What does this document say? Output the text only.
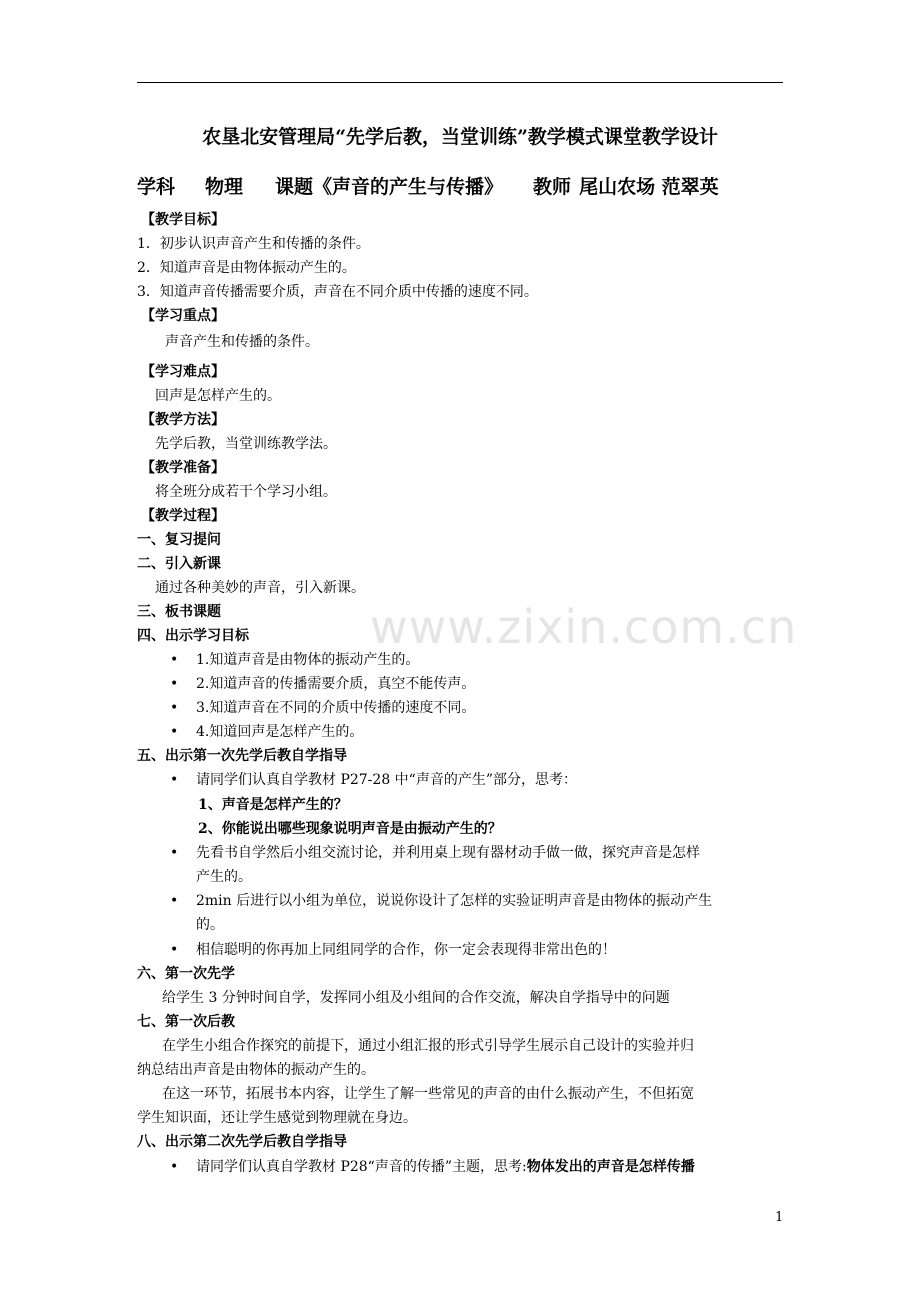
农垦北安管理局“先学后教，当堂训练”教学模式课堂教学设计
学科 物理 课题《声音的产生与传播》 教师 尾山农场 范翠英
【教学目标】
1．初步认识声音产生和传播的条件。
2．知道声音是由物体振动产生的。
3．知道声音传播需要介质，声音在不同介质中传播的速度不同。
【学习重点】
声音产生和传播的条件。
【学习难点】
回声是怎样产生的。
【教学方法】
先学后教，当堂训练教学法。
【教学准备】
将全班分成若干个学习小组。
【教学过程】
一、复习提问
二、引入新课
通过各种美妙的声音，引入新课。
三、板书课题
四、出示学习目标
• 1.知道声音是由物体的振动产生的。
• 2.知道声音的传播需要介质，真空不能传声。
• 3.知道声音在不同的介质中传播的速度不同。
• 4.知道回声是怎样产生的。
五、出示第一次先学后教自学指导
• 请同学们认真自学教材 P27-28 中“声音的产生”部分，思考：
1、声音是怎样产生的？
2、你能说出哪些现象说明声音是由振动产生的？
• 先看书自学然后小组交流讨论，并利用桌上现有器材动手做一做，探究声音是怎样
产生的。
• 2min 后进行以小组为单位，说说你设计了怎样的实验证明声音是由物体的振动产生
的。
• 相信聪明的你再加上同组同学的合作，你一定会表现得非常出色的！
六、第一次先学
给学生 3 分钟时间自学，发挥同小组及小组间的合作交流，解决自学指导中的问题
七、第一次后教
在学生小组合作探究的前提下，通过小组汇报的形式引导学生展示自己设计的实验并归
纳总结出声音是由物体的振动产生的。
在这一环节，拓展书本内容，让学生了解一些常见的声音的由什么振动产生，不但拓宽
学生知识面，还让学生感觉到物理就在身边。
八、出示第二次先学后教自学指导
• 请同学们认真自学教材 P28“声音的传播”主题，思考:物体发出的声音是怎样传播
www.zixin.com.cn
1
